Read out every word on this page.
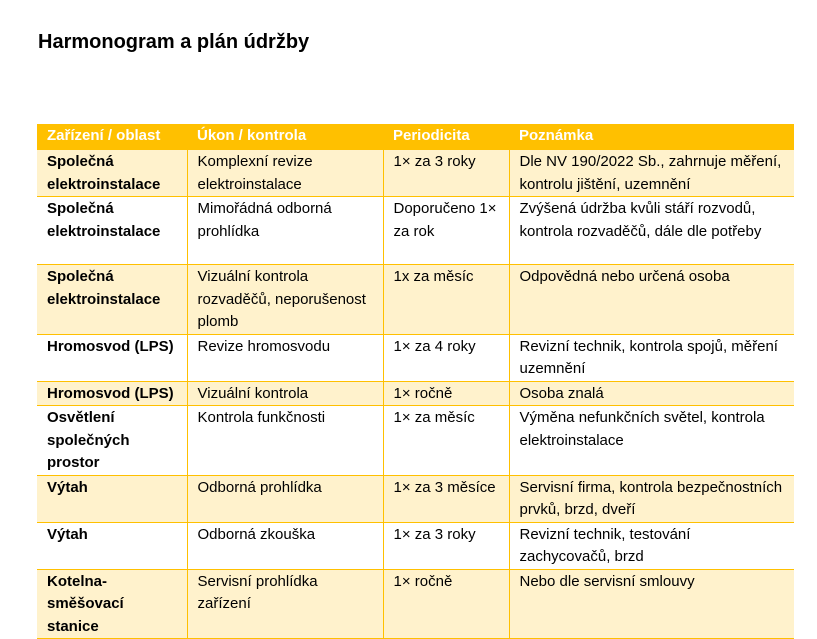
Harmonogram a plán údržby
Zařízení / oblast	Úkon / kontrola	Periodicita	Poznámka
Společná elektroinstalace	Komplexní revize elektroinstalace	1× za 3 roky	Dle NV 190/2022 Sb., zahrnuje měření, kontrolu jištění, uzemnění
Společná elektroinstalace	Mimořádná odborná prohlídka	Doporučeno 1× za rok	Zvýšená údržba kvůli stáří rozvodů, kontrola rozvaděčů, dále dle potřeby
Společná elektroinstalace	Vizuální kontrola rozvaděčů, neporušenost plomb	1x za měsíc	Odpovědná nebo určená osoba
Hromosvod (LPS)	Revize hromosvodu	1× za 4 roky	Revizní technik, kontrola spojů, měření uzemnění
Hromosvod (LPS)	Vizuální kontrola	1× ročně	Osoba znalá
Osvětlení společných prostor	Kontrola funkčnosti	1× za měsíc	Výměna nefunkčních světel, kontrola elektroinstalace
Výtah	Odborná prohlídka	1× za 3 měsíce	Servisní firma, kontrola bezpečnostních prvků, brzd, dveří
Výtah	Odborná zkouška	1× za 3 roky	Revizní technik, testování zachycovačů, brzd
Kotelna-směšovací stanice	Servisní prohlídka zařízení	1× ročně	Nebo dle servisní smlouvy
